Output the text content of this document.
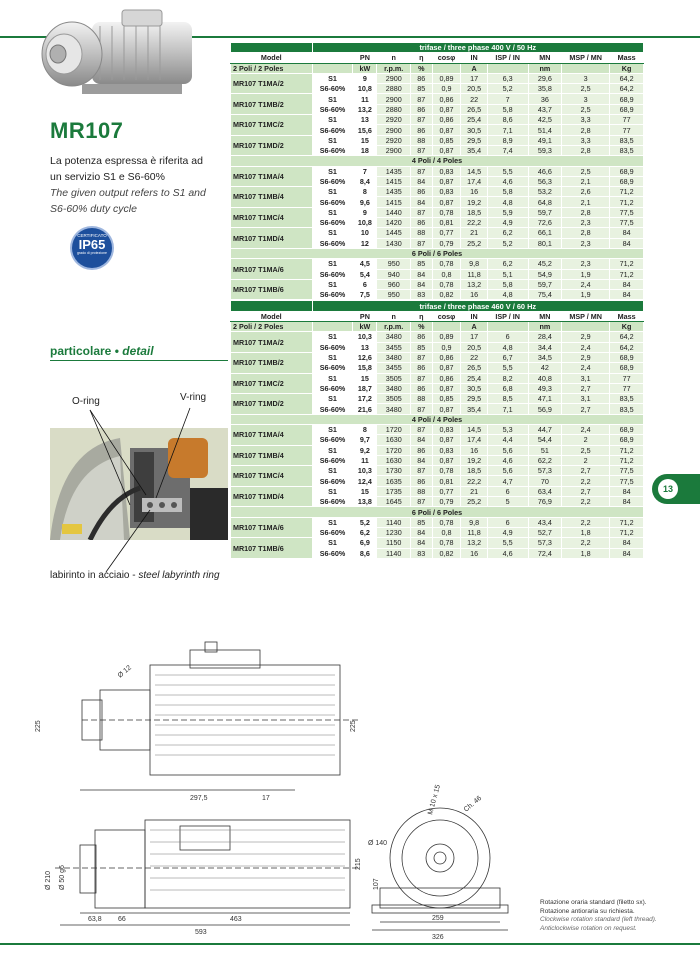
MR107
La potenza espressa è riferita ad
un servizio S1 e S6-60%
The given output refers to S1 and
S6-60% duty cycle
CERTIFICATO
IP65
grado di protezione
particolare • detail
O-ring	V-ring
labirinto in acciaio - steel labyrinth ring
	trifase / three phase 400 V / 50 Hz									
Model		PN	n	η	cosφ	IN	ISP / IN	MN	MSP / MN	Mass
2 Poli / 2 Poles		kW	r.p.m.	%		A		nm		Kg
MR107 T1MA/2	S1	9	2900	86	0,89	17	6,3	29,6	3	64,2
	S6-60%	10,8	2880	85	0,9	20,5	5,2	35,8	2,5	64,2
MR107 T1MB/2	S1	11	2900	87	0,86	22	7	36	3	68,9
	S6-60%	13,2	2880	86	0,87	26,5	5,8	43,7	2,5	68,9
MR107 T1MC/2	S1	13	2920	87	0,86	25,4	8,6	42,5	3,3	77
	S6-60%	15,6	2900	86	0,87	30,5	7,1	51,4	2,8	77
MR107 T1MD/2	S1	15	2920	88	0,85	29,5	8,9	49,1	3,3	83,5
	S6-60%	18	2900	87	0,87	35,4	7,4	59,3	2,8	83,5
4 Poli / 4 Poles										
MR107 T1MA/4	S1	7	1435	87	0,83	14,5	5,5	46,6	2,5	68,9
	S6-60%	8,4	1415	84	0,87	17,4	4,6	56,3	2,1	68,9
MR107 T1MB/4	S1	8	1435	86	0,83	16	5,8	53,2	2,6	71,2
	S6-60%	9,6	1415	84	0,87	19,2	4,8	64,8	2,1	71,2
MR107 T1MC/4	S1	9	1440	87	0,78	18,5	5,9	59,7	2,8	77,5
	S6-60%	10,8	1420	86	0,81	22,2	4,9	72,6	2,3	77,5
MR107 T1MD/4	S1	10	1445	88	0,77	21	6,2	66,1	2,8	84
	S6-60%	12	1430	87	0,79	25,2	5,2	80,1	2,3	84
6 Poli / 6 Poles										
MR107 T1MA/6	S1	4,5	950	85	0,78	9,8	6,2	45,2	2,3	71,2
	S6-60%	5,4	940	84	0,8	11,8	5,1	54,9	1,9	71,2
MR107 T1MB/6	S1	6	960	84	0,78	13,2	5,8	59,7	2,4	84
	S6-60%	7,5	950	83	0,82	16	4,8	75,4	1,9	84
	trifase / three phase 460 V / 60 Hz									
Model		PN	n	η	cosφ	IN	ISP / IN	MN	MSP / MN	Mass
2 Poli / 2 Poles		kW	r.p.m.	%		A		nm		Kg
MR107 T1MA/2	S1	10,3	3480	86	0,89	17	6	28,4	2,9	64,2
	S6-60%	13	3455	85	0,9	20,5	4,8	34,4	2,4	64,2
MR107 T1MB/2	S1	12,6	3480	87	0,86	22	6,7	34,5	2,9	68,9
	S6-60%	15,8	3455	86	0,87	26,5	5,5	42	2,4	68,9
MR107 T1MC/2	S1	15	3505	87	0,86	25,4	8,2	40,8	3,1	77
	S6-60%	18,7	3480	86	0,87	30,5	6,8	49,3	2,7	77
MR107 T1MD/2	S1	17,2	3505	88	0,85	29,5	8,5	47,1	3,1	83,5
	S6-60%	21,6	3480	87	0,87	35,4	7,1	56,9	2,7	83,5
4 Poli / 4 Poles										
MR107 T1MA/4	S1	8	1720	87	0,83	14,5	5,3	44,7	2,4	68,9
	S6-60%	9,7	1630	84	0,87	17,4	4,4	54,4	2	68,9
MR107 T1MB/4	S1	9,2	1720	86	0,83	16	5,6	51	2,5	71,2
	S6-60%	11	1630	84	0,87	19,2	4,6	62,2	2	71,2
MR107 T1MC/4	S1	10,3	1730	87	0,78	18,5	5,6	57,3	2,7	77,5
	S6-60%	12,4	1635	86	0,81	22,2	4,7	70	2,2	77,5
MR107 T1MD/4	S1	15	1735	88	0,77	21	6	63,4	2,7	84
	S6-60%	13,8	1645	87	0,79	25,2	5	76,9	2,2	84
6 Poli / 6 Poles										
MR107 T1MA/6	S1	5,2	1140	85	0,78	9,8	6	43,4	2,2	71,2
	S6-60%	6,2	1230	84	0,8	11,8	4,9	52,7	1,8	71,2
MR107 T1MB/6	S1	6,9	1150	84	0,78	13,2	5,5	57,3	2,2	84
	S6-60%	8,6	1140	83	0,82	16	4,6	72,4	1,8	84
13
225	225
Ø 12
297,5	17
Ø 210 Ø 50 g6
63,8 66	463
593
215
107
Ø 140
M 10 x 15	Ch. 46
259
326
Rotazione oraria standard (filetto sx).
Rotazione antioraria su richiesta.
Clockwise rotation standard (left thread).
Anticlockwise rotation on request.
